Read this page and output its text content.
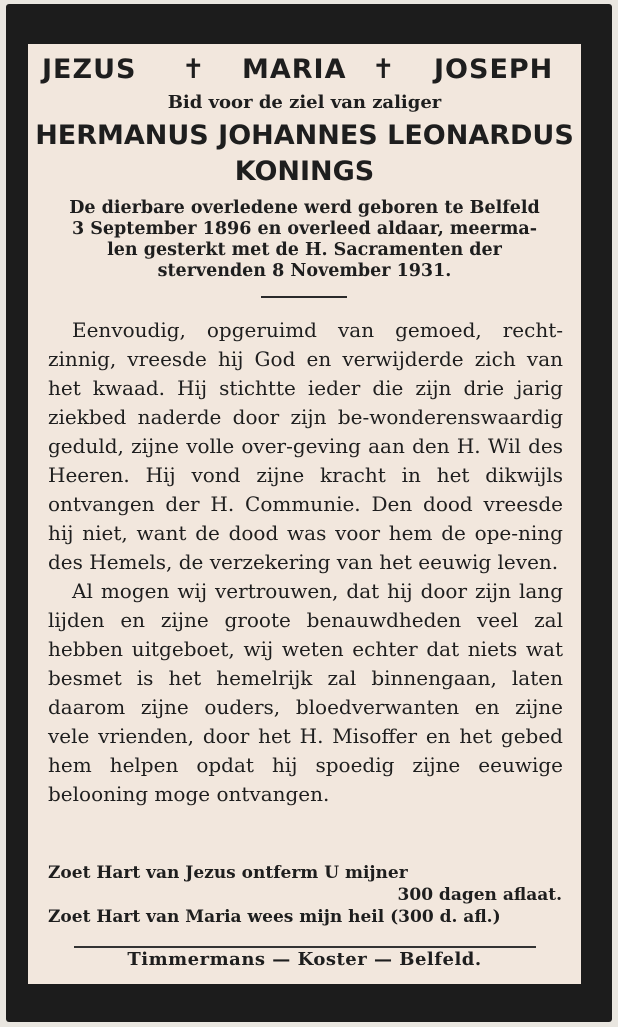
JEZUS ✝ MARIA ✝ JOSEPH
Bid voor de ziel van zaliger
HERMANUS JOHANNES LEONARDUS
KONINGS
De dierbare overledene werd geboren te Belfeld
3 September 1896 en overleed aldaar, meerma-
len gesterkt met de H. Sacramenten der
stervenden 8 November 1931.

Eenvoudig, opgeruimd van gemoed, recht-zinnig, vreesde hij God en verwijderde zich van het kwaad. Hij stichtte ieder die zijn drie jarig ziekbed naderde door zijn be-wonderenswaardig geduld, zijne volle over-geving aan den H. Wil des Heeren. Hij vond zijne kracht in het dikwijls ontvangen der H. Communie. Den dood vreesde hij niet, want de dood was voor hem de ope-ning des Hemels, de verzekering van het eeuwig leven.

Al mogen wij vertrouwen, dat hij door zijn lang lijden en zijne groote benauwdheden veel zal hebben uitgeboet, wij weten echter dat niets wat besmet is het hemelrijk zal binnengaan, laten daarom zijne ouders, bloedverwanten en zijne vele vrienden, door het H. Misoffer en het gebed hem helpen opdat hij spoedig zijne eeuwige belooning moge ontvangen.

Zoet Hart van Jezus ontferm U mijner
300 dagen aflaat.
Zoet Hart van Maria wees mijn heil (300 d. afl.)
Timmermans — Koster — Belfeld.
